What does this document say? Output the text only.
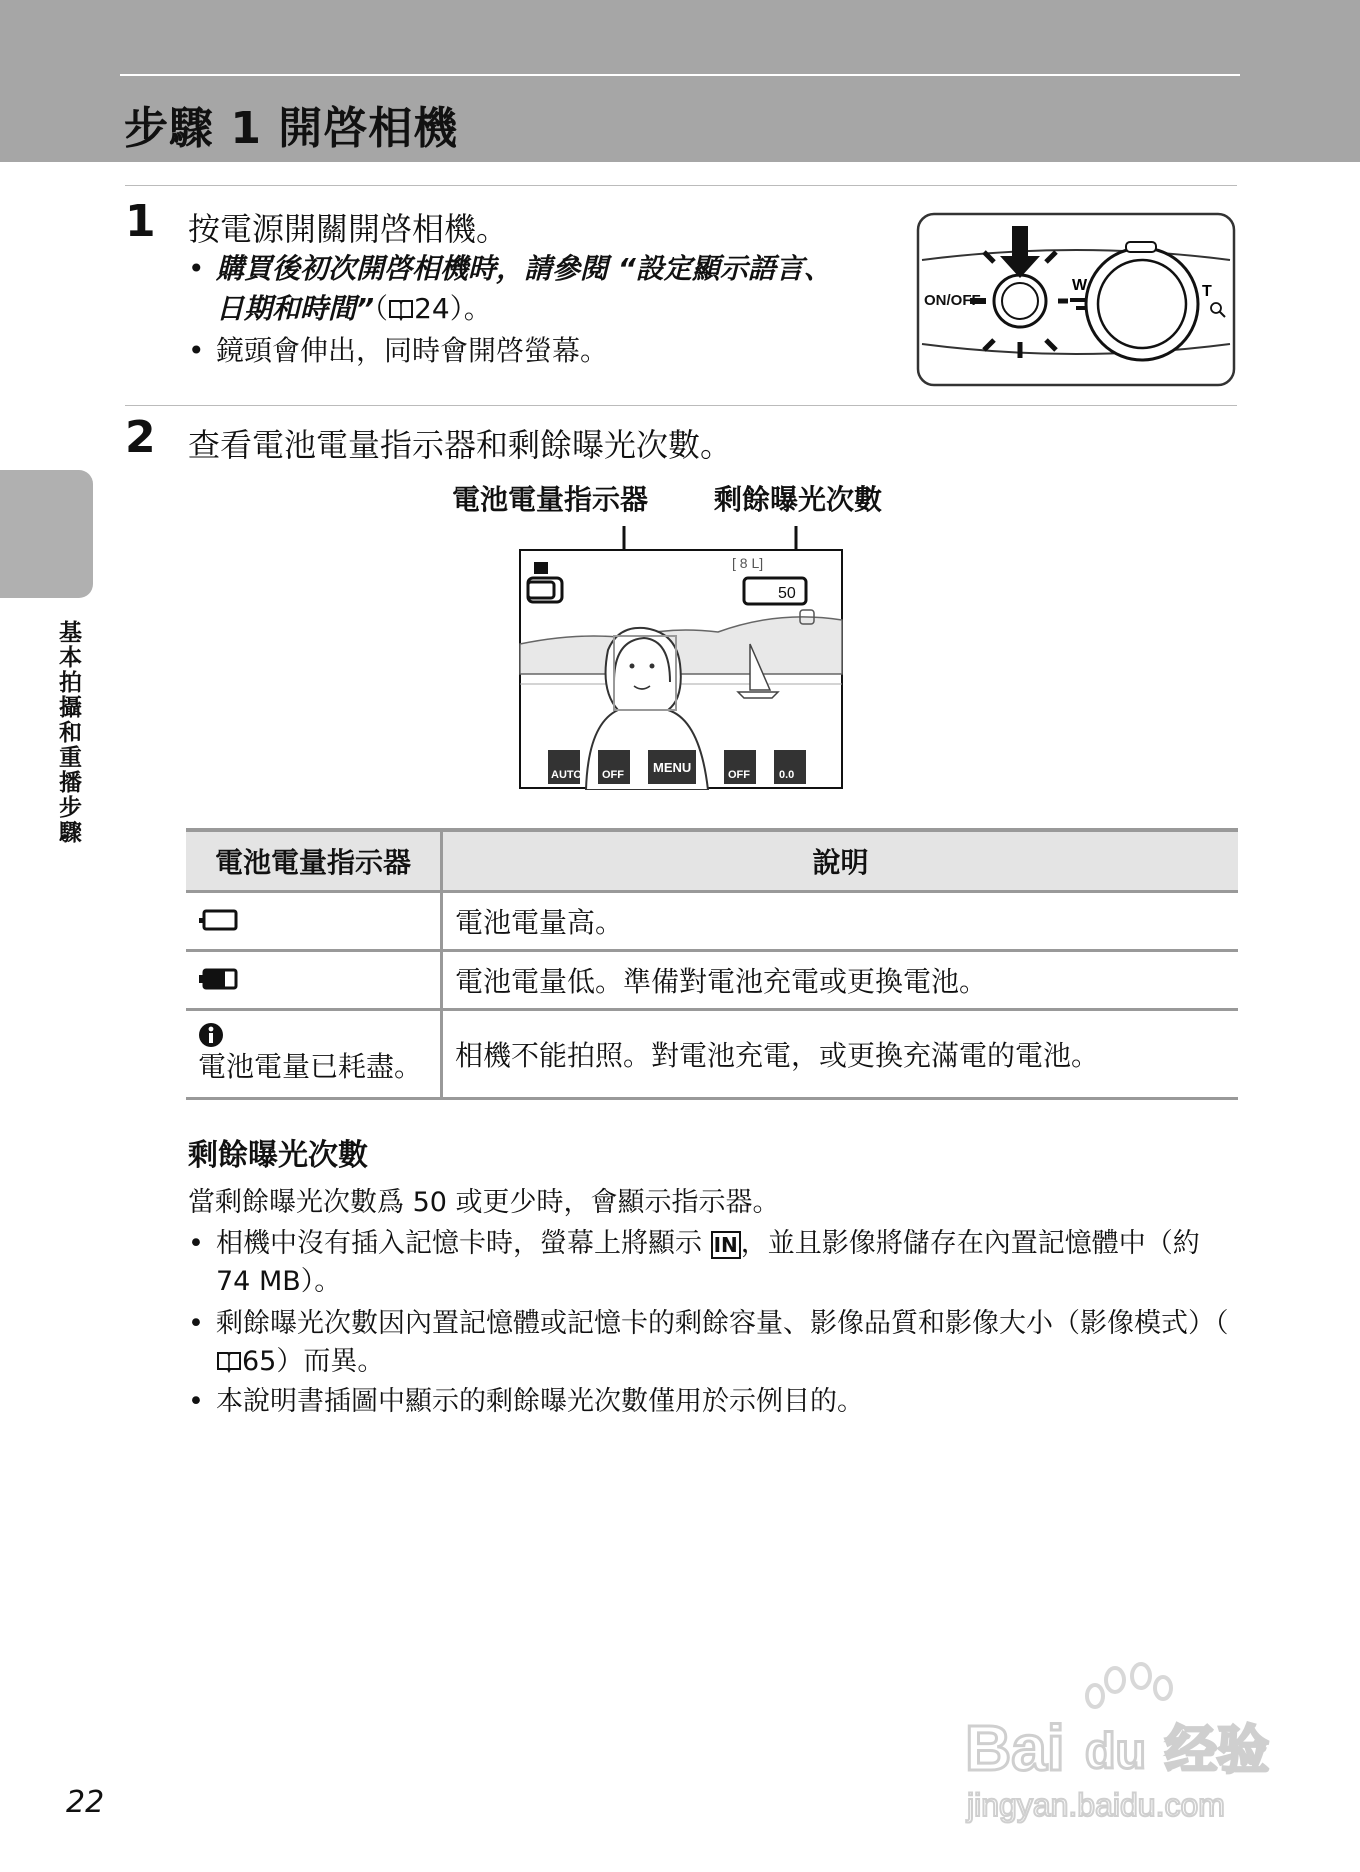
步驟 1 開啓相機
基本拍攝和重播步驟
1 按電源開關開啓相機。
• 購買後初次開啓相機時，請參閱 “設定顯示語言、
日期和時間”（ 24）。
• 鏡頭會伸出，同時會開啓螢幕。
ON/OFF
W	T
2 查看電池電量指示器和剩餘曝光次數。
電池電量指示器 剩餘曝光次數
[ 8 L]
50
AUTO OFF MENU	OFF	0.0
電池電量指示器	說明
	電池電量高。
	電池電量低。準備對電池充電或更換電池。

電池電量已耗盡。	相機不能拍照。對電池充電，或更換充滿電的電池。
剩餘曝光次數
當剩餘曝光次數爲 50 或更少時，會顯示指示器。
• 相機中沒有插入記憶卡時，螢幕上將顯示 IN ，並且影像將儲存在內置記憶體中（約 74 MB）。
• 剩餘曝光次數因內置記憶體或記憶卡的剩餘容量、影像品質和影像大小（影像模式）（65）而異。
• 本說明書插圖中顯示的剩餘曝光次數僅用於示例目的。
22
Bai du 经验
jingyan.baidu.com
